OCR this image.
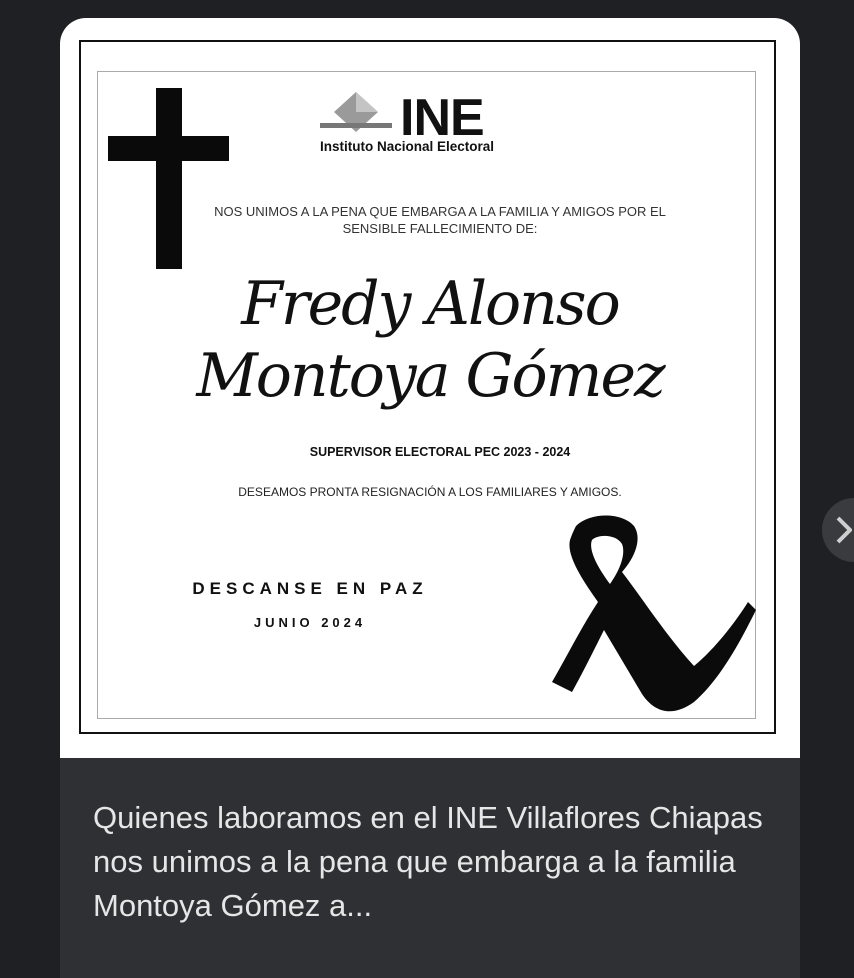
INE
Instituto Nacional Electoral
NOS UNIMOS A LA PENA QUE EMBARGA A LA FAMILIA Y AMIGOS POR EL SENSIBLE FALLECIMIENTO DE:
Fredy Alonso
Montoya Gómez
SUPERVISOR ELECTORAL PEC 2023 - 2024
DESEAMOS PRONTA RESIGNACIÓN A LOS FAMILIARES Y AMIGOS.
DESCANSE EN PAZ
JUNIO 2024
Quienes laboramos en el INE Villaflores Chiapas nos unimos a la pena que embarga a la familia Montoya Gómez a...
